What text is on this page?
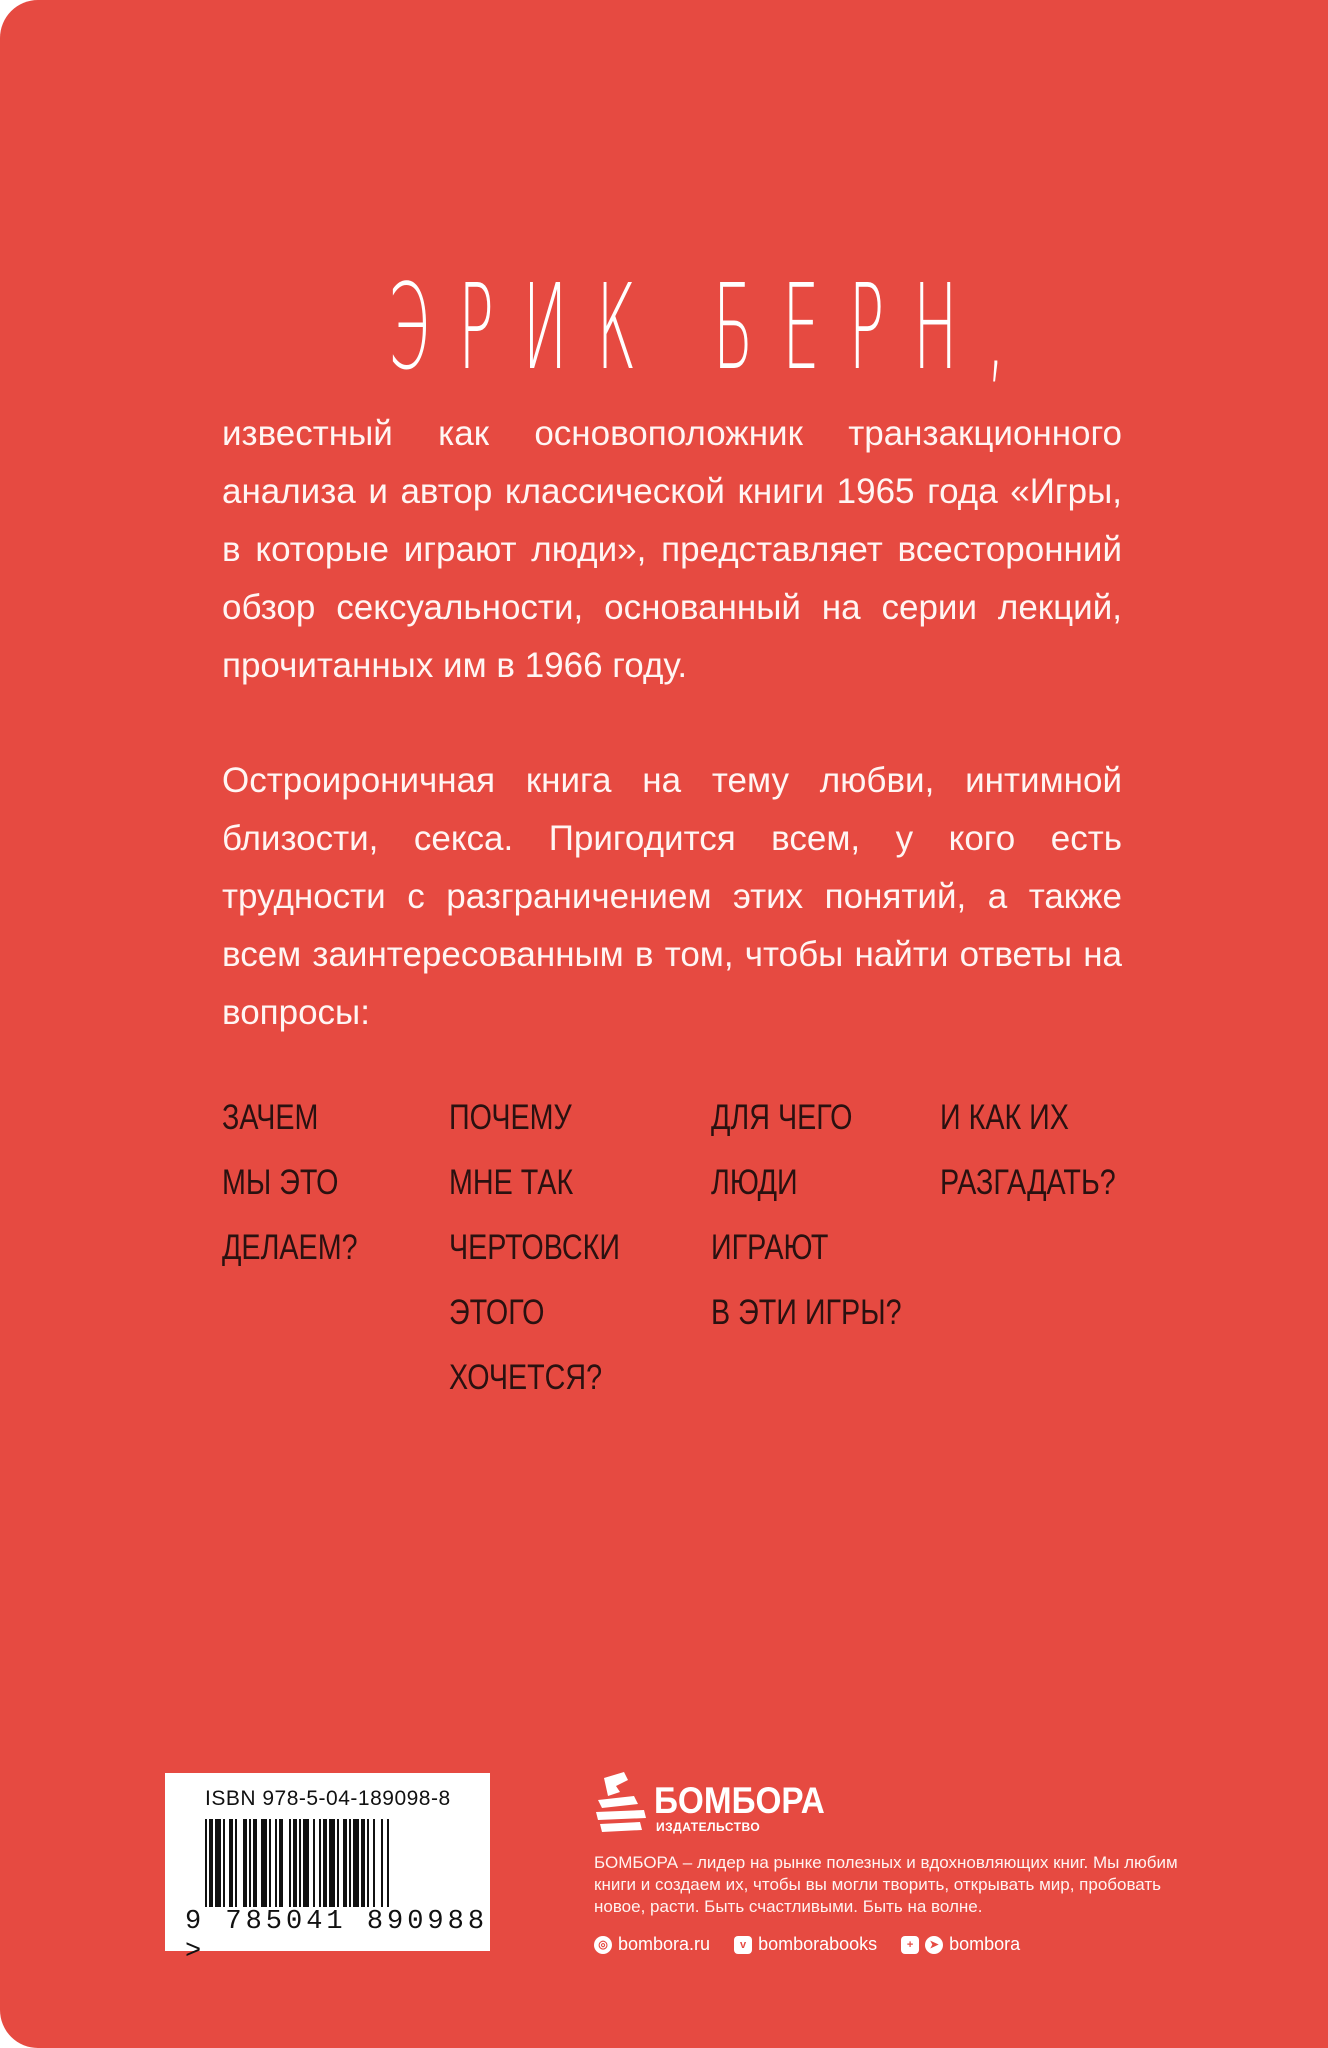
ЭРИК БЕРН,

известный как основоположник транзакционного анализа и автор классической книги 1965 года «Игры, в которые играют люди», представляет всесторонний обзор сексуальности, основанный на серии лекций, прочитанных им в 1966 году.

Остроироничная книга на тему любви, интимной близости, секса. Пригодится всем, у кого есть трудности с разграничением этих понятий, а также всем заинтересованным в том, чтобы найти ответы на вопросы:

ЗАЧЕМ
МЫ ЭТО
ДЕЛАЕМ?
ПОЧЕМУ
МНЕ ТАК
ЧЕРТОВСКИ
ЭТОГО
ХОЧЕТСЯ?
ДЛЯ ЧЕГО
ЛЮДИ
ИГРАЮТ
В ЭТИ ИГРЫ?
И КАК ИХ
РАЗГАДАТЬ?
ISBN 978-5-04-189098-8
9 785041 890988 >
БОМБОРА
ИЗДАТЕЛЬСТВО

БОМБОРА – лидер на рынке полезных и вдохновляющих книг. Мы любим книги и создаем их, чтобы вы могли творить, открывать мир, пробовать новое, расти. Быть счастливыми. Быть на волне.

◎ bombora.ru	v bomborabooks	+	➤ bombora
